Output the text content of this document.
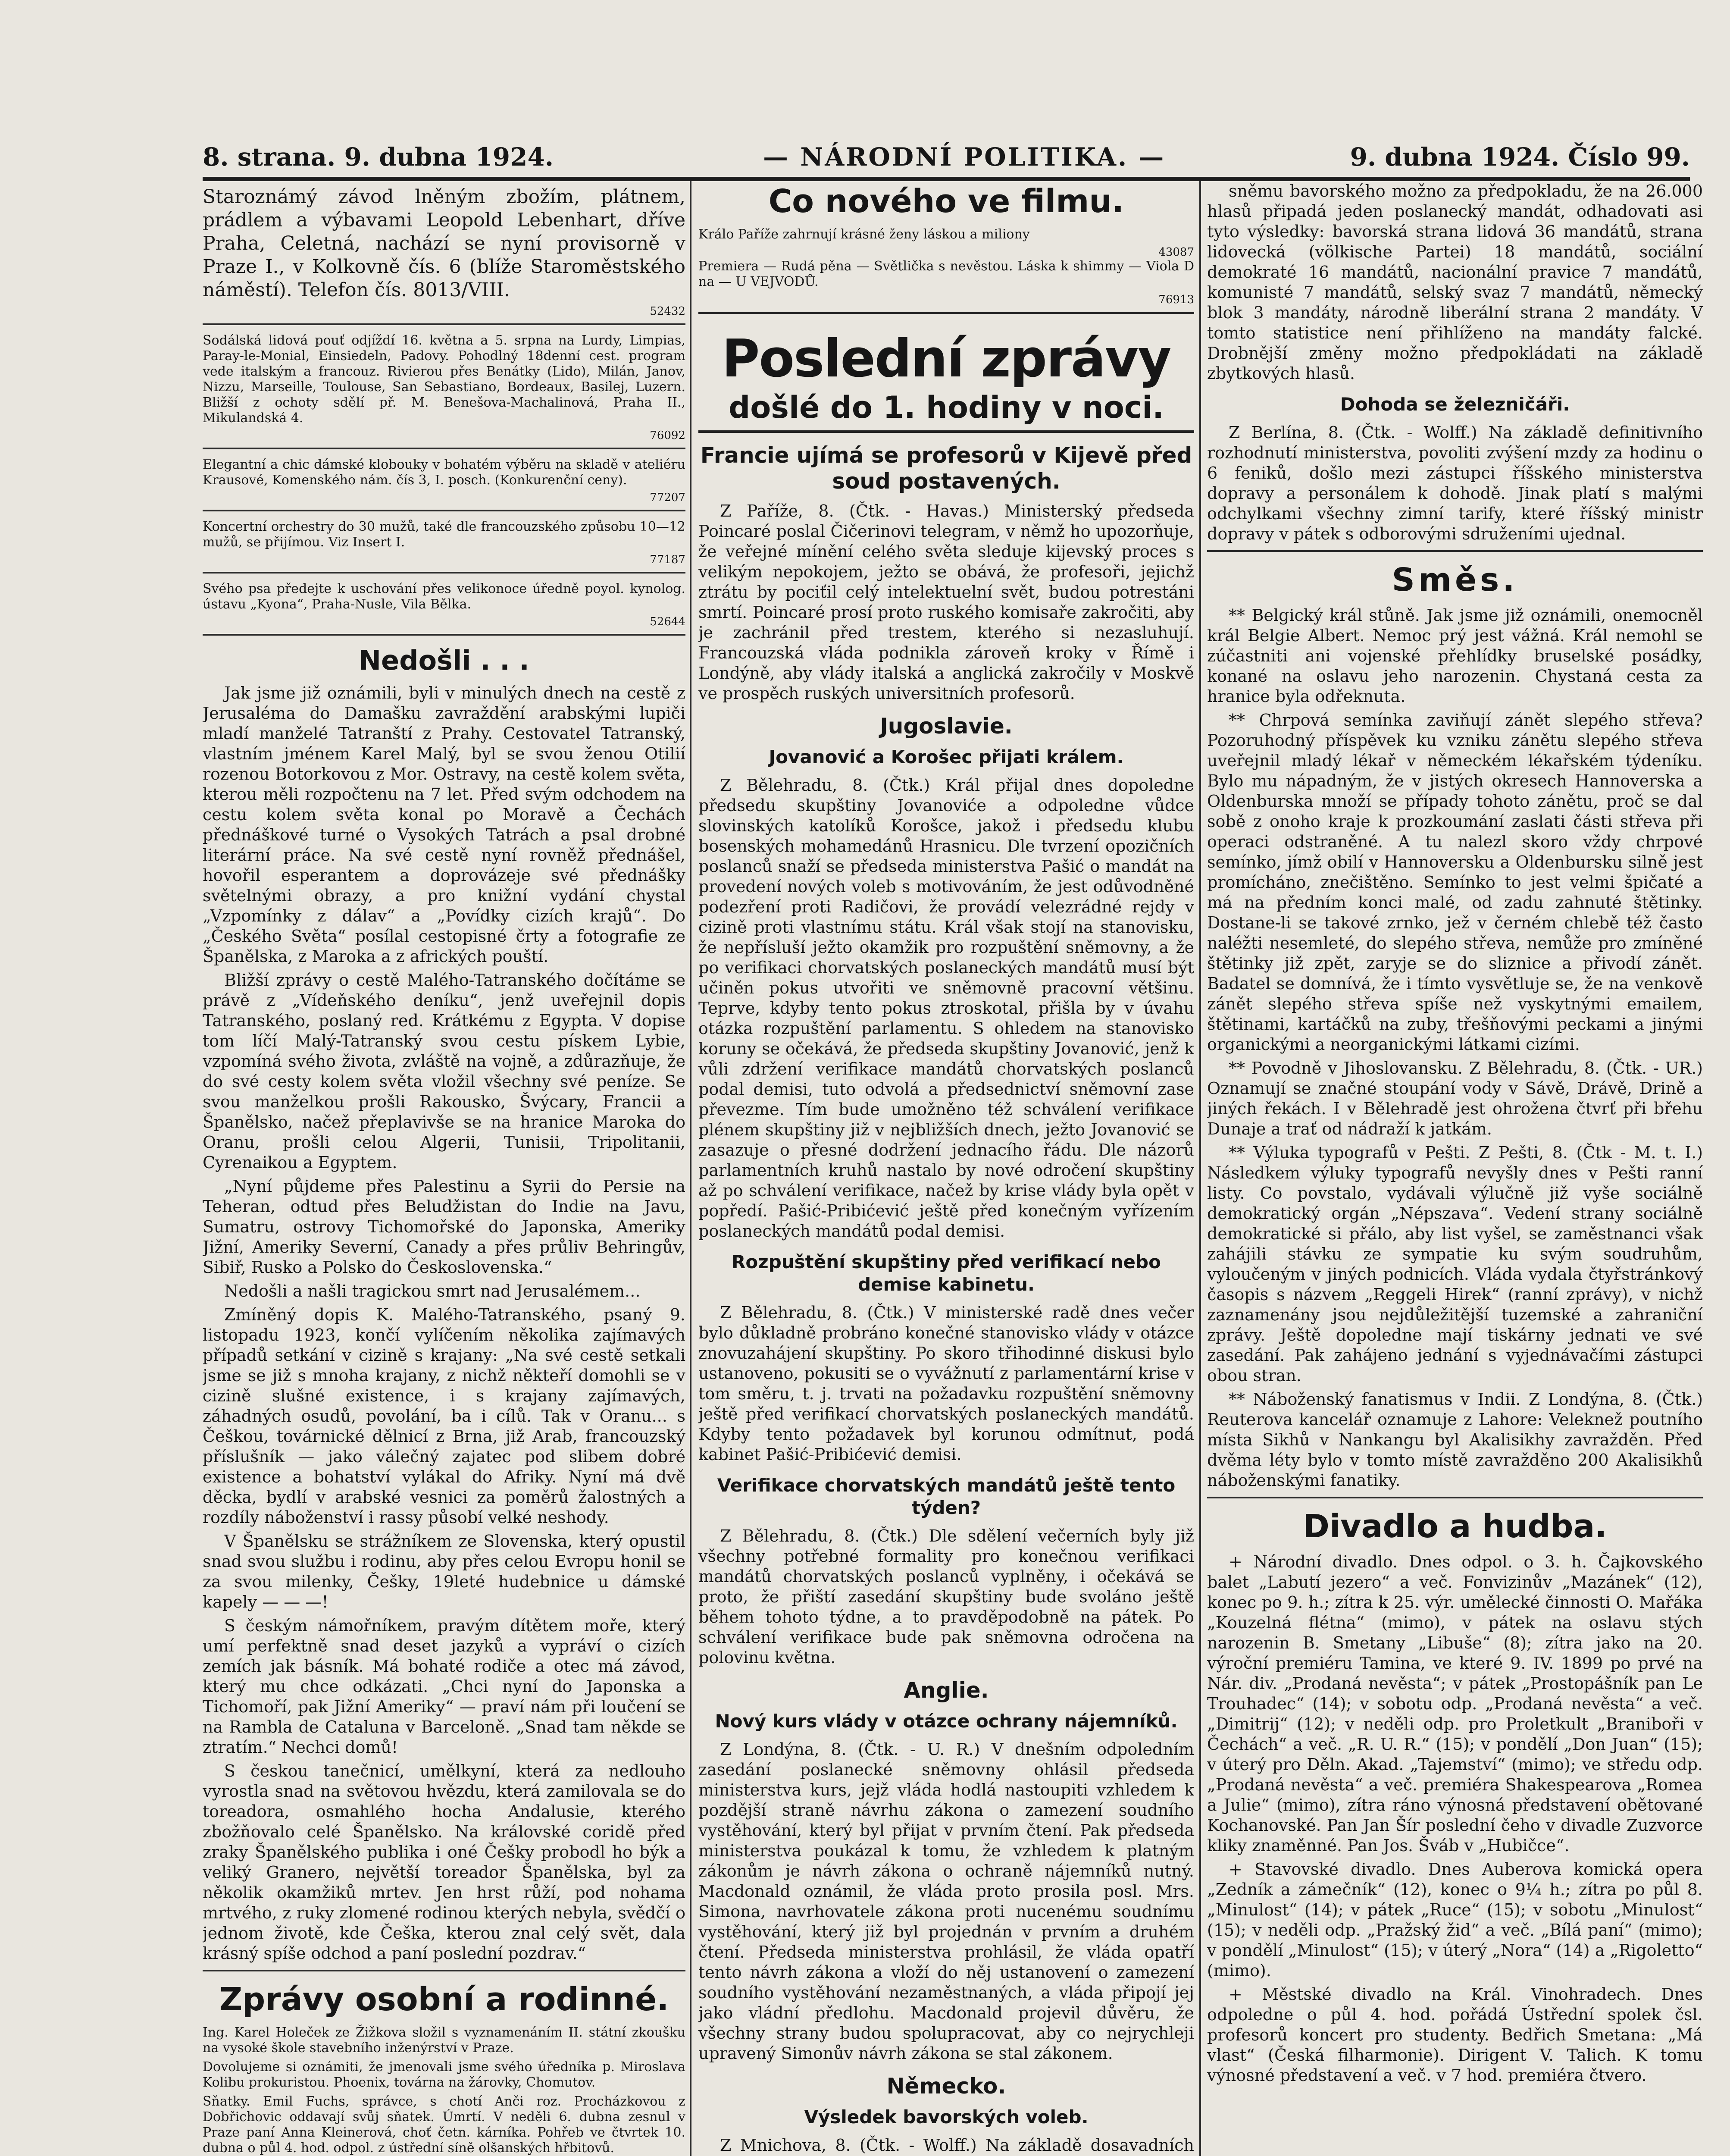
8. strana. 9. dubna 1924.	— NÁRODNÍ POLITIKA. —	9. dubna 1924. Číslo 99.

Staroznámý závod lněným zbožím, plátnem, prádlem a výbavami Leopold Lebenhart, dříve Praha, Celetná, nachází se nyní provisorně v Praze I., v Kolkovně čís. 6 (blíže Staroměstského náměstí). Telefon čís. 8013/VIII.

52432

Sodálská lidová pouť odjíždí 16. května a 5. srpna na Lurdy, Limpias, Paray-le-Monial, Einsiedeln, Padovy. Pohodlný 18denní cest. program vede italským a francouz. Rivierou přes Benátky (Lido), Milán, Janov, Nizzu, Marseille, Toulouse, San Sebastiano, Bordeaux, Basilej, Luzern. Bližší z ochoty sdělí př. M. Benešova-Machalinová, Praha II., Mikulandská 4.

76092

Elegantní a chic dámské klobouky v bohatém výběru na skladě v ateliéru Krausové, Komenského nám. čís 3, I. posch. (Konkurenční ceny).

77207

Koncertní orchestry do 30 mužů, také dle francouzského způsobu 10—12 mužů, se přijímou. Viz Insert I.

77187

Svého psa předejte k uschování přes velikonoce úředně poyol. kynolog. ústavu „Kyona“, Praha-Nusle, Vila Bělka.

52644
Nedošli . . .

Jak jsme již oznámili, byli v minulých dnech na cestě z Jerusaléma do Damašku zavraždění arabskými lupiči mladí manželé Tatranští z Prahy. Cestovatel Tatranský, vlastním jménem Karel Malý, byl se svou ženou Otilií rozenou Botorkovou z Mor. Ostravy, na cestě kolem světa, kterou měli rozpočtenu na 7 let. Před svým odchodem na cestu kolem světa konal po Moravě a Čechách přednáškové turné o Vysokých Tatrách a psal drobné literární práce. Na své cestě nyní rovněž přednášel, hovořil esperantem a doprovázeje své přednášky světelnými obrazy, a pro knižní vydání chystal „Vzpomínky z dálav“ a „Povídky cizích krajů“. Do „Českého Světa“ posílal cestopisné črty a fotografie ze Španělska, z Maroka a z afrických pouští.

Bližší zprávy o cestě Malého-Tatranského dočítáme se právě z „Vídeňského deníku“, jenž uveřejnil dopis Tatranského, poslaný red. Krátkému z Egypta. V dopise tom líčí Malý-Tatranský svou cestu pískem Lybie, vzpomíná svého života, zvláště na vojně, a zdůrazňuje, že do své cesty kolem světa vložil všechny své peníze. Se svou manželkou prošli Rakousko, Švýcary, Francii a Španělsko, načež přeplavivše se na hranice Maroka do Oranu, prošli celou Algerii, Tunisii, Tripolitanii, Cyrenaikou a Egyptem.

„Nyní půjdeme přes Palestinu a Syrii do Persie na Teheran, odtud přes Beludžistan do Indie na Javu, Sumatru, ostrovy Tichomořské do Japonska, Ameriky Jižní, Ameriky Severní, Canady a přes průliv Behringův, Sibiř, Rusko a Polsko do Československa.“

Nedošli a našli tragickou smrt nad Jerusalémem...

Zmíněný dopis K. Malého-Tatranského, psaný 9. listopadu 1923, končí vylíčením několika zajímavých případů setkání v cizině s krajany: „Na své cestě setkali jsme se již s mnoha krajany, z nichž někteří domohli se v cizině slušné existence, i s krajany zajímavých, záhadných osudů, povolání, ba i cílů. Tak v Oranu... s Češkou, továrnické dělnicí z Brna, již Arab, francouzský příslušník — jako válečný zajatec pod slibem dobré existence a bohatství vylákal do Afriky. Nyní má dvě děcka, bydlí v arabské vesnici za poměrů žalostných a rozdíly náboženství i rassy působí velké neshody.

V Španělsku se strážníkem ze Slovenska, který opustil snad svou službu i rodinu, aby přes celou Evropu honil se za svou milenky, Češky, 19leté hudebnice u dámské kapely — — —!

S českým námořníkem, pravým dítětem moře, který umí perfektně snad deset jazyků a vypráví o cizích zemích jak básník. Má bohaté rodiče a otec má závod, který mu chce odkázati. „Chci nyní do Japonska a Tichomoří, pak Jižní Ameriky“ — praví nám při loučení se na Rambla de Cataluna v Barceloně. „Snad tam někde se ztratím.“ Nechci domů!

S českou tanečnicí, umělkyní, která za nedlouho vyrostla snad na světovou hvězdu, která zamilovala se do toreadora, osmahlého hocha Andalusie, kterého zbožňovalo celé Španělsko. Na královské coridě před zraky Španělského publika i oné Češky probodl ho býk a veliký Granero, největší toreador Španělska, byl za několik okamžiků mrtev. Jen hrst růží, pod nohama mrtvého, z ruky zlomené rodinou kterých nebyla, svědčí o jednom životě, kde Češka, kterou znal celý svět, dala krásný spíše odchod a paní poslední pozdrav.“

Zprávy osobní a rodinné.

Ing. Karel Holeček ze Žižkova složil s vyznamenáním II. státní zkoušku na vysoké škole stavebního inženýrství v Praze.

Dovolujeme si oznámiti, že jmenovali jsme svého úředníka p. Miroslava Kolibu prokuristou. Phoenix, továrna na žárovky, Chomutov.

Sňatky. Emil Fuchs, správce, s chotí Anči roz. Procházkovou z Dobřichovic oddavají svůj sňatek. Úmrtí. V neděli 6. dubna zesnul v Praze paní Anna Kleinerová, choť četn. kárníka. Pohřeb ve čtvrtek 10. dubna o půl 4. hod. odpol. z ústřední síně olšanských hřbitovů.

Co nového ve filmu.

Králo Paříže zahrnují krásné ženy láskou a miliony

43087

Premiera — Rudá pěna — Světlička s nevěstou. Láska k shimmy — Viola D na — U VEJVODŮ.

76913
Poslední zprávy
došlé do 1. hodiny v noci.
Francie ujímá se profesorů v Kijevě před soud postavených.

Z Paříže, 8. (Čtk. - Havas.) Ministerský předseda Poincaré poslal Čičerinovi telegram, v němž ho upozorňuje, že veřejné mínění celého světa sleduje kijevský proces s velikým nepokojem, ježto se obává, že profesoři, jejichž ztrátu by pociťil celý intelektuelní svět, budou potrestáni smrtí. Poincaré prosí proto ruského komisaře zakročiti, aby je zachránil před trestem, kterého si nezasluhují. Francouzská vláda podnikla zároveň kroky v Římě i Londýně, aby vlády italská a anglická zakročily v Moskvě ve prospěch ruských universitních profesorů.

Jugoslavie.
Jovanović a Korošec přijati králem.

Z Bělehradu, 8. (Čtk.) Král přijal dnes dopoledne předsedu skupštiny Jovanoviće a odpoledne vůdce slovinských katolíků Korošce, jakož i předsedu klubu bosenských mohamedánů Hrasnicu. Dle tvrzení opozičních poslanců snaží se předseda ministerstva Pašić o mandát na provedení nových voleb s motivováním, že jest odůvodněné podezření proti Radičovi, že provádí velezrádné rejdy v cizině proti vlastnímu státu. Král však stojí na stanovisku, že nepřísluší ježto okamžik pro rozpuštění sněmovny, a že po verifikaci chorvatských poslaneckých mandátů musí být učiněn pokus utvořiti ve sněmovně pracovní většinu. Teprve, kdyby tento pokus ztroskotal, přišla by v úvahu otázka rozpuštění parlamentu. S ohledem na stanovisko koruny se očekává, že předseda skupštiny Jovanović, jenž k vůli zdržení verifikace mandátů chorvatských poslanců podal demisi, tuto odvolá a předsednictví sněmovní zase převezme. Tím bude umožněno též schválení verifikace plénem skupštiny již v nejbližších dnech, ježto Jovanović se zasazuje o přesné dodržení jednacího řádu. Dle názorů parlamentních kruhů nastalo by nové odročení skupštiny až po schválení verifikace, načež by krise vlády byla opět v popředí. Pašić-Pribićević ještě před konečným vyřízením poslaneckých mandátů podal demisi.

Rozpuštění skupštiny před verifikací nebo demise kabinetu.

Z Bělehradu, 8. (Čtk.) V ministerské radě dnes večer bylo důkladně probráno konečné stanovisko vlády v otázce znovuzahájení skupštiny. Po skoro třihodinné diskusi bylo ustanoveno, pokusiti se o vyvážnutí z parlamentární krise v tom směru, t. j. trvati na požadavku rozpuštění sněmovny ještě před verifikací chorvatských poslaneckých mandátů. Kdyby tento požadavek byl korunou odmítnut, podá kabinet Pašić-Pribićević demisi.

Verifikace chorvatských mandátů ještě tento týden?

Z Bělehradu, 8. (Čtk.) Dle sdělení večerních byly již všechny potřebné formality pro konečnou verifikaci mandátů chorvatských poslanců vyplněny, i očekává se proto, že přiští zasedání skupštiny bude svoláno ještě během tohoto týdne, a to pravděpodobně na pátek. Po schválení verifikace bude pak sněmovna odročena na polovinu května.

Anglie.
Nový kurs vlády v otázce ochrany nájemníků.

Z Londýna, 8. (Čtk. - U. R.) V dnešním odpoledním zasedání poslanecké sněmovny ohlásil předseda ministerstva kurs, jejž vláda hodlá nastoupiti vzhledem k pozdější straně návrhu zákona o zamezení soudního vystěhování, který byl přijat v prvním čtení. Pak předseda ministerstva poukázal k tomu, že vzhledem k platným zákonům je návrh zákona o ochraně nájemníků nutný. Macdonald oznámil, že vláda proto prosila posl. Mrs. Simona, navrhovatele zákona proti nucenému soudnímu vystěhování, který již byl projednán v prvním a druhém čtení. Předseda ministerstva prohlásil, že vláda opatří tento návrh zákona a vloží do něj ustanovení o zamezení soudního vystěhování nezaměstnaných, a vláda připojí jej jako vládní předlohu. Macdonald projevil důvěru, že všechny strany budou spolupracovat, aby co nejrychleji upravený Simonův návrh zákona se stal zákonem.

Německo.
Výsledek bavorských voleb.

Z Mnichova, 8. (Čtk. - Wolff.) Na základě dosavadních

sněmu bavorského možno za předpokladu, že na 26.000 hlasů připadá jeden poslanecký mandát, odhadovati asi tyto výsledky: bavorská strana lidová 36 mandátů, strana lidovecká (völkische Partei) 18 mandátů, sociální demokraté 16 mandátů, nacionální pravice 7 mandátů, komunisté 7 mandátů, selský svaz 7 mandátů, německý blok 3 mandáty, národně liberální strana 2 mandáty. V tomto statistice není přihlíženo na mandáty falcké. Drobnější změny možno předpokládati na základě zbytkových hlasů.

Dohoda se železničáři.

Z Berlína, 8. (Čtk. - Wolff.) Na základě definitivního rozhodnutí ministerstva, povoliti zvýšení mzdy za hodinu o 6 feniků, došlo mezi zástupci říšského ministerstva dopravy a personálem k dohodě. Jinak platí s malými odchylkami všechny zimní tarify, které říšský ministr dopravy v pátek s odborovými sdruženími ujednal.

Směs.

** Belgický král stůně. Jak jsme již oznámili, onemocněl král Belgie Albert. Nemoc prý jest vážná. Král nemohl se zúčastniti ani vojenské přehlídky bruselské posádky, konané na oslavu jeho narozenin. Chystaná cesta za hranice byla odřeknuta.

** Chrpová semínka zaviňují zánět slepého střeva? Pozoruhodný příspěvek ku vzniku zánětu slepého střeva uveřejnil mladý lékař v německém lékařském týdeníku. Bylo mu nápadným, že v jistých okresech Hannoverska a Oldenburska množí se případy tohoto zánětu, proč se dal sobě z onoho kraje k prozkoumání zaslati části střeva při operaci odstraněné. A tu nalezl skoro vždy chrpové semínko, jímž obilí v Hannoversku a Oldenbursku silně jest promícháno, znečištěno. Semínko to jest velmi špičaté a má na předním konci malé, od zadu zahnuté štětinky. Dostane-li se takové zrnko, jež v černém chlebě též často naléžti nesemleté, do slepého střeva, nemůže pro zmíněné štětinky již zpět, zaryje se do sliznice a přivodí zánět. Badatel se domnívá, že i tímto vysvětluje se, že na venkově zánět slepého střeva spíše než vyskytnými emailem, štětinami, kartáčků na zuby, třešňovými peckami a jinými organickými a neorganickými látkami cizími.

** Povodně v Jihoslovansku. Z Bělehradu, 8. (Čtk. - UR.) Oznamují se značné stoupání vody v Sávě, Drávě, Drině a jiných řekách. I v Bělehradě jest ohrožena čtvrť při břehu Dunaje a trať od nádraží k jatkám.

** Výluka typografů v Pešti. Z Pešti, 8. (Čtk - M. t. I.) Následkem výluky typografů nevyšly dnes v Pešti ranní listy. Co povstalo, vydávali výlučně již vyše sociálně demokratický orgán „Népszava“. Vedení strany sociálně demokratické si přálo, aby list vyšel, se zaměstnanci však zahájili stávku ze sympatie ku svým soudruhům, vyloučeným v jiných podnicích. Vláda vydala čtyřstránkový časopis s názvem „Reggeli Hirek“ (ranní zprávy), v nichž zaznamenány jsou nejdůležitější tuzemské a zahraniční zprávy. Ještě dopoledne mají tiskárny jednati ve své zasedání. Pak zahájeno jednání s vyjednávačími zástupci obou stran.

** Náboženský fanatismus v Indii. Z Londýna, 8. (Čtk.) Reuterova kancelář oznamuje z Lahore: Veleknež poutního místa Sikhů v Nankangu byl Akalisikhy zavražděn. Před dvěma léty bylo v tomto místě zavražděno 200 Akalisikhů náboženskými fanatiky.

Divadlo a hudba.

+ Národní divadlo. Dnes odpol. o 3. h. Čajkovského balet „Labutí jezero“ a več. Fonvizinův „Mazánek“ (12), konec po 9. h.; zítra k 25. výr. umělecké činnosti O. Mařáka „Kouzelná flétna“ (mimo), v pátek na oslavu stých narozenin B. Smetany „Libuše“ (8); zítra jako na 20. výroční premiéru Tamina, ve které 9. IV. 1899 po prvé na Nár. div. „Prodaná nevěsta“; v pátek „Prostopášník pan Le Trouhadec“ (14); v sobotu odp. „Prodaná nevěsta“ a več. „Dimitrij“ (12); v neděli odp. pro Proletkult „Braniboři v Čechách“ a več. „R. U. R.“ (15); v pondělí „Don Juan“ (15); v úterý pro Děln. Akad. „Tajemství“ (mimo); ve středu odp. „Prodaná nevěsta“ a več. premiéra Shakespearova „Romea a Julie“ (mimo), zítra ráno výnosná představení obětované Kochanovské. Pan Jan Šír poslední čeho v divadle Zuzvorce kliky znaměnné. Pan Jos. Šváb v „Hubičce“.

+ Stavovské divadlo. Dnes Auberova komická opera „Zedník a zámečník“ (12), konec o 9¼ h.; zítra po půl 8. „Minulost“ (14); v pátek „Ruce“ (15); v sobotu „Minulost“ (15); v neděli odp. „Pražský žid“ a več. „Bílá paní“ (mimo); v pondělí „Minulost“ (15); v úterý „Nora“ (14) a „Rigoletto“ (mimo).

+ Městské divadlo na Král. Vinohradech. Dnes odpoledne o půl 4. hod. pořádá Ústřední spolek čsl. profesorů koncert pro studenty. Bedřich Smetana: „Má vlast“ (Česká filharmonie). Dirigent V. Talich. K tomu výnosné představení a več. v 7 hod. premiéra čtvero.
